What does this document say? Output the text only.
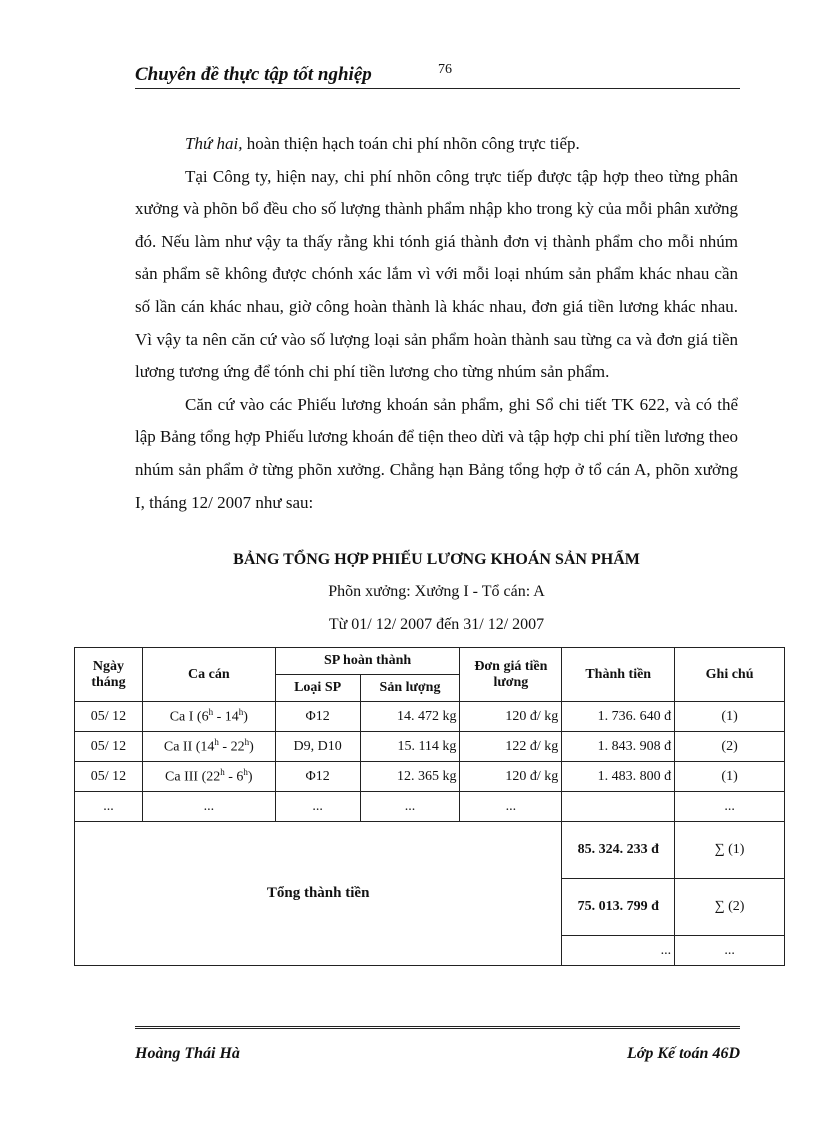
Chuyên đề thực tập tốt nghiệp	76

Thứ hai, hoàn thiện hạch toán chi phí nhõn công trực tiếp.

Tại Công ty, hiện nay, chi phí nhõn công trực tiếp được tập hợp theo từng phân xưởng và phõn bổ đều cho số lượng thành phẩm nhập kho trong kỳ của mỗi phân xưởng đó. Nếu làm như vậy ta thấy rằng khi tónh giá thành đơn vị thành phẩm cho mỗi nhúm sản phẩm sẽ không được chónh xác lắm vì với mỗi loại nhúm sản phẩm khác nhau cần số lần cán khác nhau, giờ công hoàn thành là khác nhau, đơn giá tiền lương khác nhau. Vì vậy ta nên căn cứ vào số lượng loại sản phẩm hoàn thành sau từng ca và đơn giá tiền lương tương ứng để tónh chi phí tiền lương cho từng nhúm sản phẩm.

Căn cứ vào các Phiếu lương khoán sản phẩm, ghi Sổ chi tiết TK 622, và có thể lập Bảng tổng hợp Phiếu lương khoán để tiện theo dừi và tập hợp chi phí tiền lương theo nhúm sản phẩm ở từng phõn xưởng. Chẳng hạn Bảng tổng hợp ở tổ cán A, phõn xưởng I, tháng 12/ 2007 như sau:

BẢNG TỔNG HỢP PHIẾU LƯƠNG KHOÁN SẢN PHẨM
Phõn xưởng: Xưởng I - Tổ cán: A
Từ 01/ 12/ 2007 đến 31/ 12/ 2007
Ngày tháng	Ca cán	SP hoàn thành		Đơn giá tiền lương	Thành tiền	Ghi chú
		Loại SP	Sản lượng			
05/ 12	Ca I (6$^h$ - 14$^h$)	Φ12	14. 472 kg	120 đ/ kg	1. 736. 640 đ	(1)
05/ 12	Ca II (14$^h$ - 22$^h$)	D9, D10	15. 114 kg	122 đ/ kg	1. 843. 908 đ	(2)
05/ 12	Ca III (22$^h$ - 6$^h$)	Φ12	12. 365 kg	120 đ/ kg	1. 483. 800 đ	(1)
...	...	...	...	...		...
Tổng thành tiền					85. 324. 233 đ	∑ (1)
					75. 013. 799 đ	∑ (2)
					...	...
Hoàng Thái Hà	Lớp Kế toán 46D
